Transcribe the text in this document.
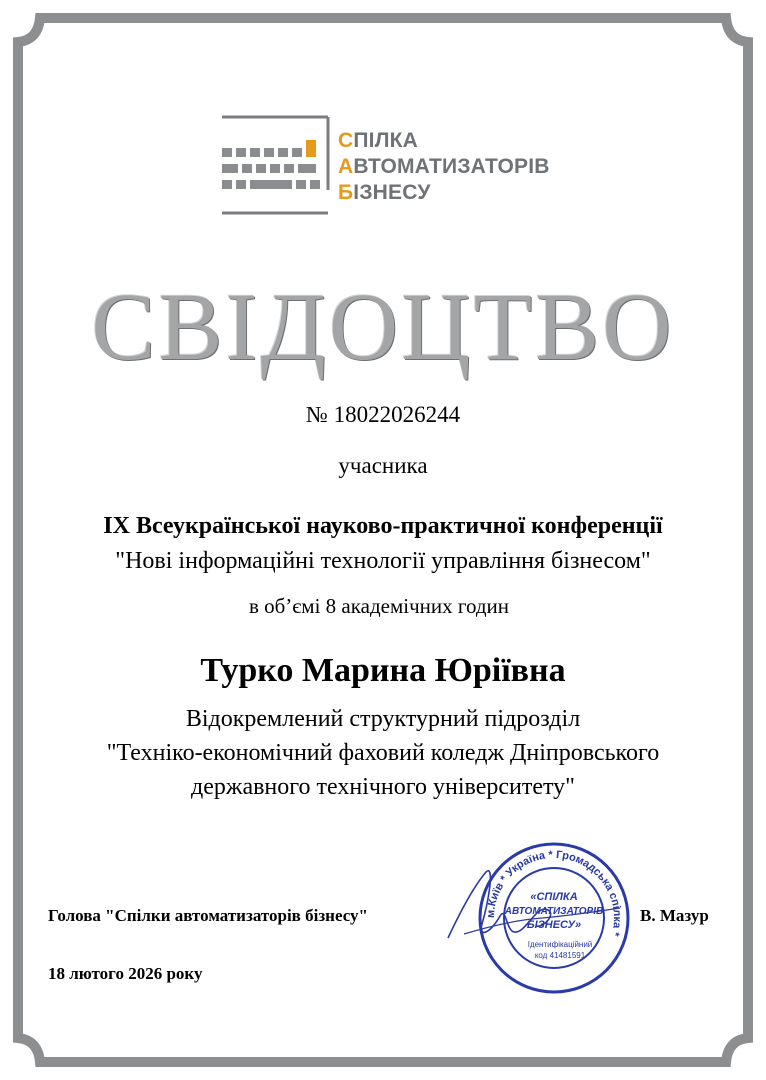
СПІЛКА
АВТОМАТИЗАТОРІВ
БІЗНЕСУ
СВІДОЦТВО
№ 18022026244
учасника
IX Всеукраїнської науково-практичної конференції
"Нові інформаційні технології управління бізнесом"
в об’ємі 8 академічних годин
Турко Марина Юріївна
Відокремлений структурний підрозділ
"Техніко-економічний фаховий коледж Дніпровського
державного технічного університету"
Голова "Спілки автоматизаторів бізнесу"	В. Мазур
18 лютого 2026 року
м.Київ * Україна * Громадська спілка *
«СПІЛКА
АВТОМАТИЗАТОРІВ
БІЗНЕСУ»
Ідентифікаційний
код 41481591
